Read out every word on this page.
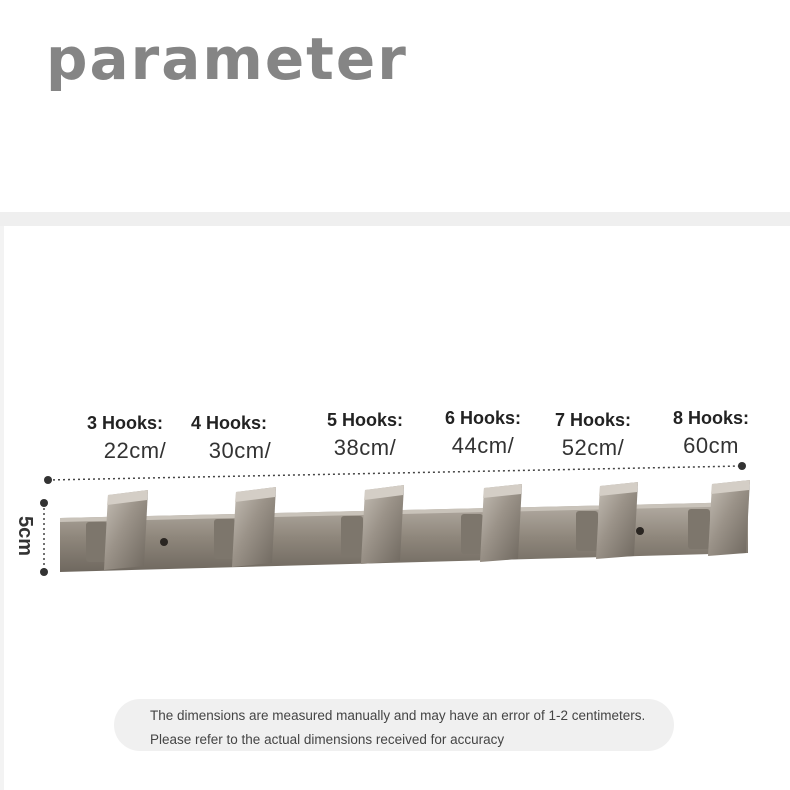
parameter
3 Hooks:
22cm/
4 Hooks:
30cm/
5 Hooks:
38cm/
6 Hooks:
44cm/
7 Hooks:
52cm/
8 Hooks:
60cm
5cm
The dimensions are measured manually and may have an error of 1-2 centimeters.
Please refer to the actual dimensions received for accuracy
